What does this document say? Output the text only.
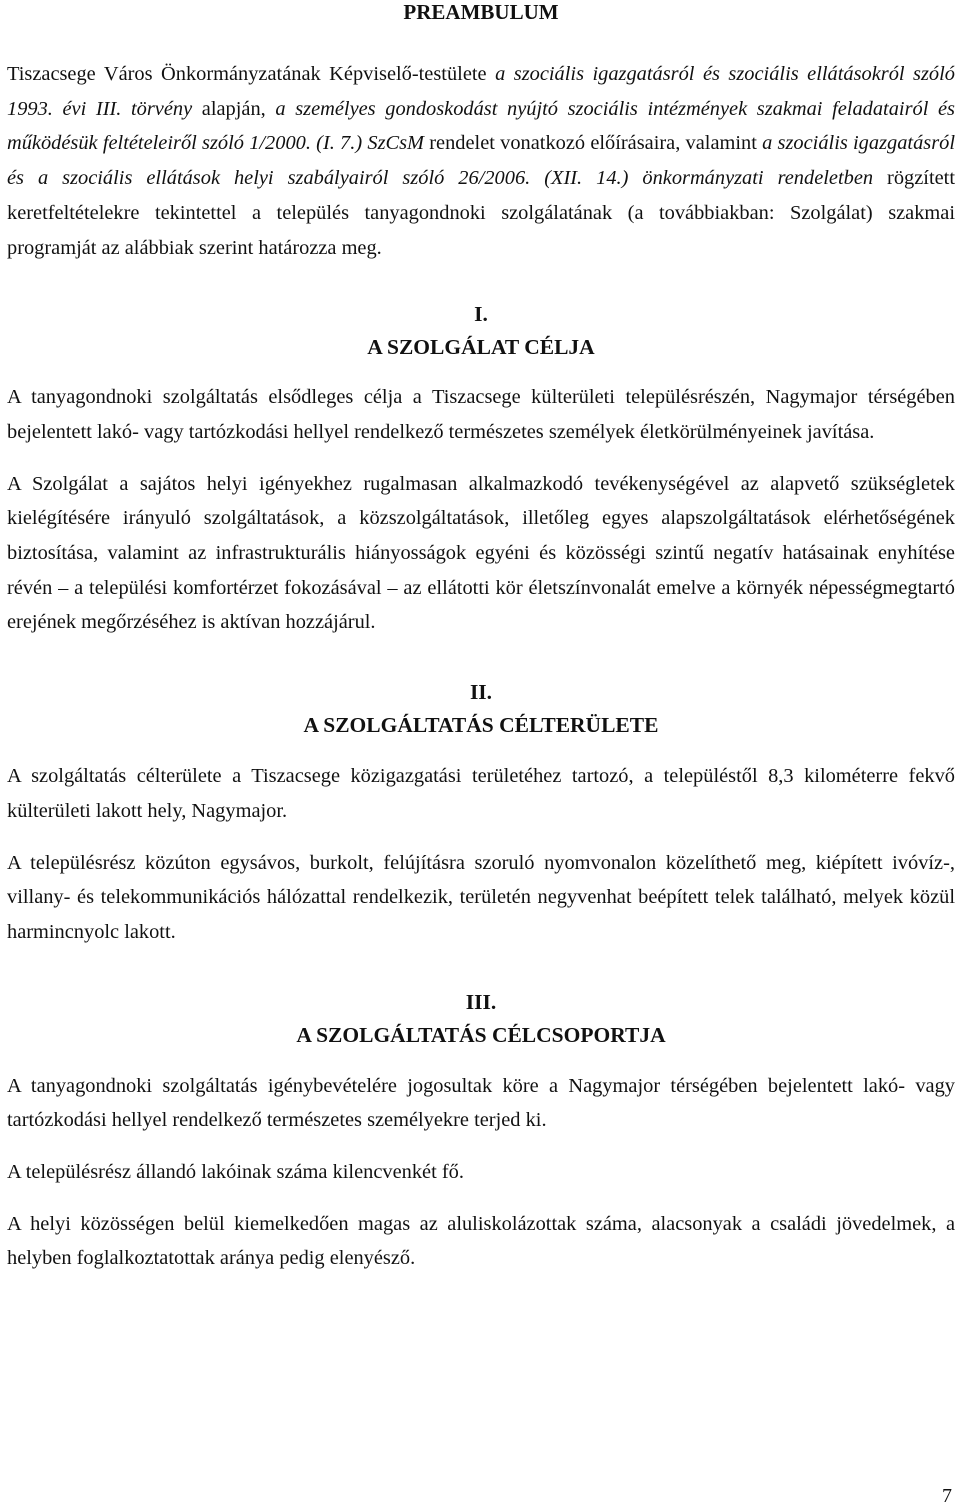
PREAMBULUM

Tiszacsege Város Önkormányzatának Képviselő-testülete a szociális igazgatásról és szociális ellátásokról szóló 1993. évi III. törvény alapján, a személyes gondoskodást nyújtó szociális intézmények szakmai feladatairól és működésük feltételeiről szóló 1/2000. (I. 7.) SzCsM rendelet vonatkozó előírásaira, valamint a szociális igazgatásról és a szociális ellátások helyi szabályairól szóló 26/2006. (XII. 14.) önkormányzati rendeletben rögzített keretfeltételekre tekintettel a település tanyagondnoki szolgálatának (a továbbiakban: Szolgálat) szakmai programját az alábbiak szerint határozza meg.

I.
A SZOLGÁLAT CÉLJA

A tanyagondnoki szolgáltatás elsődleges célja a Tiszacsege külterületi településrészén, Nagymajor térségében bejelentett lakó- vagy tartózkodási hellyel rendelkező természetes személyek életkörülményeinek javítása.

A Szolgálat a sajátos helyi igényekhez rugalmasan alkalmazkodó tevékenységével az alapvető szükségletek kielégítésére irányuló szolgáltatások, a közszolgáltatások, illetőleg egyes alapszolgáltatások elérhetőségének biztosítása, valamint az infrastrukturális hiányosságok egyéni és közösségi szintű negatív hatásainak enyhítése révén – a települési komfortérzet fokozásával – az ellátotti kör életszínvonalát emelve a környék népességmegtartó erejének megőrzéséhez is aktívan hozzájárul.

II.
A SZOLGÁLTATÁS CÉLTERÜLETE

A szolgáltatás célterülete a Tiszacsege közigazgatási területéhez tartozó, a településtől 8,3 kilométerre fekvő külterületi lakott hely, Nagymajor.

A településrész közúton egysávos, burkolt, felújításra szoruló nyomvonalon közelíthető meg, kiépített ivóvíz-, villany- és telekommunikációs hálózattal rendelkezik, területén negyvenhat beépített telek található, melyek közül harmincnyolc lakott.

III.
A SZOLGÁLTATÁS CÉLCSOPORTJA

A tanyagondnoki szolgáltatás igénybevételére jogosultak köre a Nagymajor térségében bejelentett lakó- vagy tartózkodási hellyel rendelkező természetes személyekre terjed ki.

A településrész állandó lakóinak száma kilencvenkét fő.

A helyi közösségen belül kiemelkedően magas az aluliskolázottak száma, alacsonyak a családi jövedelmek, a helyben foglalkoztatottak aránya pedig elenyésző.

7
